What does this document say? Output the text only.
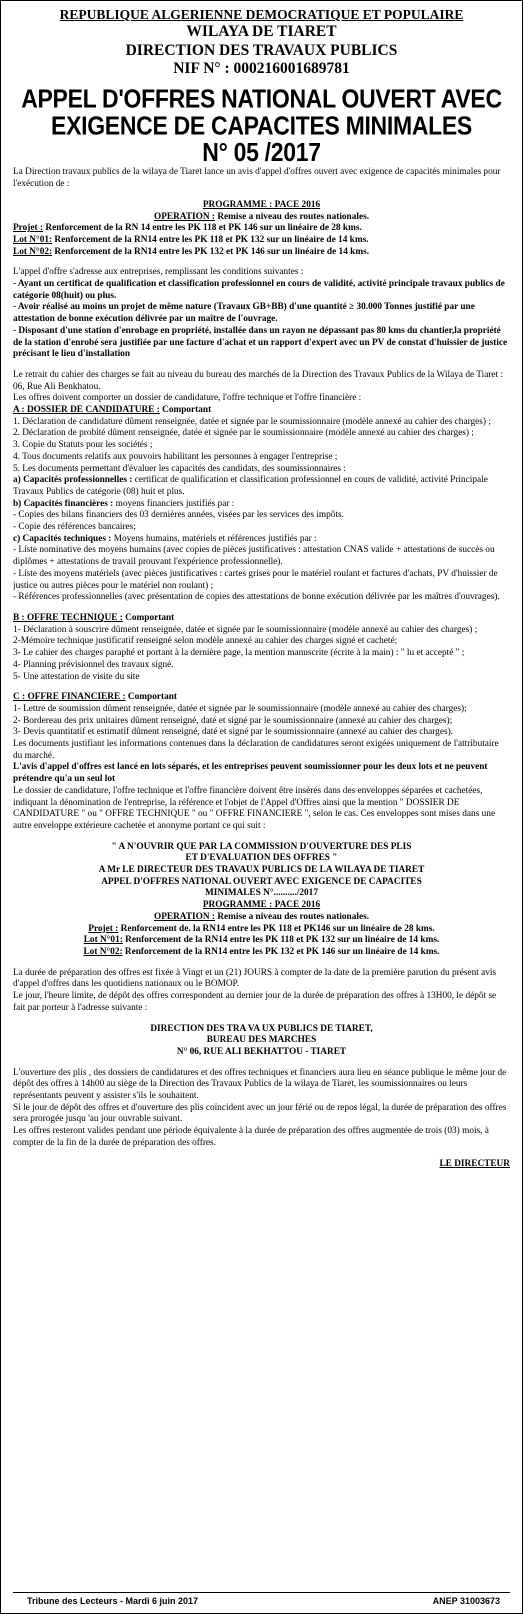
REPUBLIQUE ALGERIENNE DEMOCRATIQUE ET POPULAIRE
WILAYA DE TIARET
DIRECTION DES TRAVAUX PUBLICS
NIF N° : 000216001689781
APPEL D'OFFRES NATIONAL OUVERT AVEC
EXIGENCE DE CAPACITES MINIMALES
N° 05 /2017

La Direction travaux publics de la wilaya de Tiaret lance un avis d'appel d'offres ouvert avec exigence de capacités minimales pour l'exécution de :

PROGRAMME : PACE 2016
OPERATION : Remise a niveau des routes nationales.
Projet : Renforcement de la RN 14 entre les PK 118 et PK 146 sur un linéaire de 28 kms.
Lot N°01: Renforcement de la RN14 entre les PK 118 et PK 132 sur un linéaire de 14 kms.
Lot N°02: Renforcement de la RN14 entre les PK 132 et PK 146 sur un linéaire de 14 kms.

L'appel d'offre s'adresse aux entreprises, remplissant les conditions suivantes :

- Ayant un certificat de qualification et classification professionnel en cours de validité, activité principale travaux publics de catégorie 08(huit) ou plus.

- Avoir réalisé au moins un projet de même nature (Travaux GB+BB) d'une quantité ≥ 30.000 Tonnes justifié par une attestation de bonne exécution délivrée par un maître de l'ouvrage.

- Disposant d'une station d'enrobage en propriété, installée dans un rayon ne dépassant pas 80 kms du chantier,la propriété de la station d'enrobé sera justifiée par une facture d'achat et un rapport d'expert avec un PV de constat d'huissier de justice précisant le lieu d'installation

Le retrait du cahier des charges se fait au niveau du bureau des marchés de la Direction des Travaux Publics de la Wilaya de Tiaret : 06, Rue Ali Benkhatou.

Les offres doivent comporter un dossier de candidature, l'offre technique et l'offre financière :

A : DOSSIER DE CANDIDATURE : Comportant

1. Déclaration de candidature dûment renseignée, datée et signée par le soumissionnaire (modèle annexé au cahier des charges) ;

2. Déclaration de probité dûment renseignée, datée et signée par le soumissionnaire (modèle annexé au cahier des charges) ;

3. Copie du Statuts pour les sociétés ;

4. Tous documents relatifs aux pouvoirs habilitant les personnes à engager l'entreprise ;

5. Les documents permettant d'évaluer les capacités des candidats, des soumissionnaires :

a) Capacités professionnelles : certificat de qualification et classification professionnel en cours de validité, activité Principale Travaux Publics de catégorie (08) huit et plus.

b) Capacités financières : moyens financiers justifiés par :

- Copies des bilans financiers des 03 dernières années, visées par les services des impôts.

- Copie des références bancaires;

c) Capacités techniques : Moyens humains, matériels et références justifiés par :

- Liste nominative des moyens humains (avec copies de pièces justificatives : attestation CNAS valide + attestations de succès ou diplômes + attestations de travail prouvant l'expérience professionnelle).

- Liste des moyens matériels (avec pièces justificatives : cartes grises pour le matériel roulant et factures d'achats, PV d'huissier de justice ou autres pièces pour le matériel non roulant) ;

- Références professionnelles (avec présentation de copies des attestations de bonne exécution délivrée par les maîtres d'ouvrages).

B : OFFRE TECHNIQUE : Comportant

1- Déclaration à souscrire dûment renseignée, datée et signée par le soumissionnaire (modèle annexé au cahier des charges) ;

2-Mémoire technique justificatif renseigné selon modèle annexé au cahier des charges signé et cacheté;

3- Le cahier des charges paraphé et portant à la dernière page, la mention manuscrite (écrite à la main) : " lu et accepté " ;

4- Planning prévisionnel des travaux signé.

5- Une attestation de visite du site

C : OFFRE FINANCIERE : Comportant

1- Lettre de soumission dûment renseignée, datée et signée par le soumissionnaire (modèle annexé au cahier des charges);

2- Bordereau des prix unitaires dûment renseigné, daté et signé par le soumissionnaire (annexé au cahier des charges);

3- Devis quantitatif et estimatif dûment renseigné, daté et signé par le soumissionnaire (annexé au cahier des charges).

Les documents justifiant les informations contenues dans la déclaration de candidatures seront exigées uniquement de l'attributaire du marché.

L'avis d'appel d'offres est lancé en lots séparés, et les entreprises peuvent soumissionner pour les deux lots et ne peuvent prétendre qu'a un seul lot

Le dossier de candidature, l'offre technique et l'offre financière doivent être insérés dans des enveloppes séparées et cachetées, indiquant la dénomination de l'entreprise, la référence et l'objet de l'Appel d'Offres ainsi que la mention " DOSSIER DE CANDIDATURE " ou " OFFRE TECHNIQUE " ou " OFFRE FINANCIERE ", selon le cas. Ces enveloppes sont mises dans une autre enveloppe extérieure cachetée et anonyme portant ce qui suit :

" A N'OUVRIR QUE PAR LA COMMISSION D'OUVERTURE DES PLIS
ET D'EVALUATION DES OFFRES "
A Mr LE DIRECTEUR DES TRAVAUX PUBLICS DE LA WILAYA DE TIARET
APPEL D'OFFRES NATIONAL OUVERT AVEC EXIGENCE DE CAPACITES
MINIMALES N°........../2017
PROGRAMME : PACE 2016
OPERATION : Remise a niveau des routes nationales.
Projet : Renforcement de. la RN14 entre les PK 118 et PK146 sur un linéaire de 28 kms.
Lot N°01: Renforcement de la RN14 entre les PK 118 et PK 132 sur un linéaire de 14 kms.
Lot N°02: Renforcement de la RN14 entre les PK 132 et PK 146 sur un linéaire de 14 kms.

La durée de préparation des offres est fixée à Vingt et un (21) JOURS à compter de la date de la première parution du présent avis d'appel d'offres dans les quotidiens nationaux ou le BOMOP.

Le jour, l'heure limite, de dépôt des offres correspondent au dernier jour de la durée de préparation des offres à 13H00, le dépôt se fait par porteur à l'adresse suivante :

DIRECTION DES TRA VA UX PUBLICS DE TIARET,
BUREAU DES MARCHES
N° 06, RUE ALI BEKHATTOU - TIARET

L'ouverture des plis , des dossiers de candidatures et des offres techniques et financiers aura lieu en séance publique le même jour de dépôt des offres à 14h00 au siège de la Direction des Travaux Publics de la wilaya de Tiaret, les soumissionnaires ou leurs représentants peuvent y assister s'ils le souhaitent.

Si le jour de dépôt des offres et d'ouverture des plis coïncident avec un jour férié ou de repos légal, la durée de préparation des offres sera prorogée jusqu 'au jour ouvrable suivant.

Les offres resteront valides pendant une période équivalente à la durée de préparation des offres augmentée de trois (03) mois, à compter de la fin de la durée de préparation des offres.

LE DIRECTEUR
Tribune des Lecteurs - Mardi 6 juin 2017	ANEP 31003673
